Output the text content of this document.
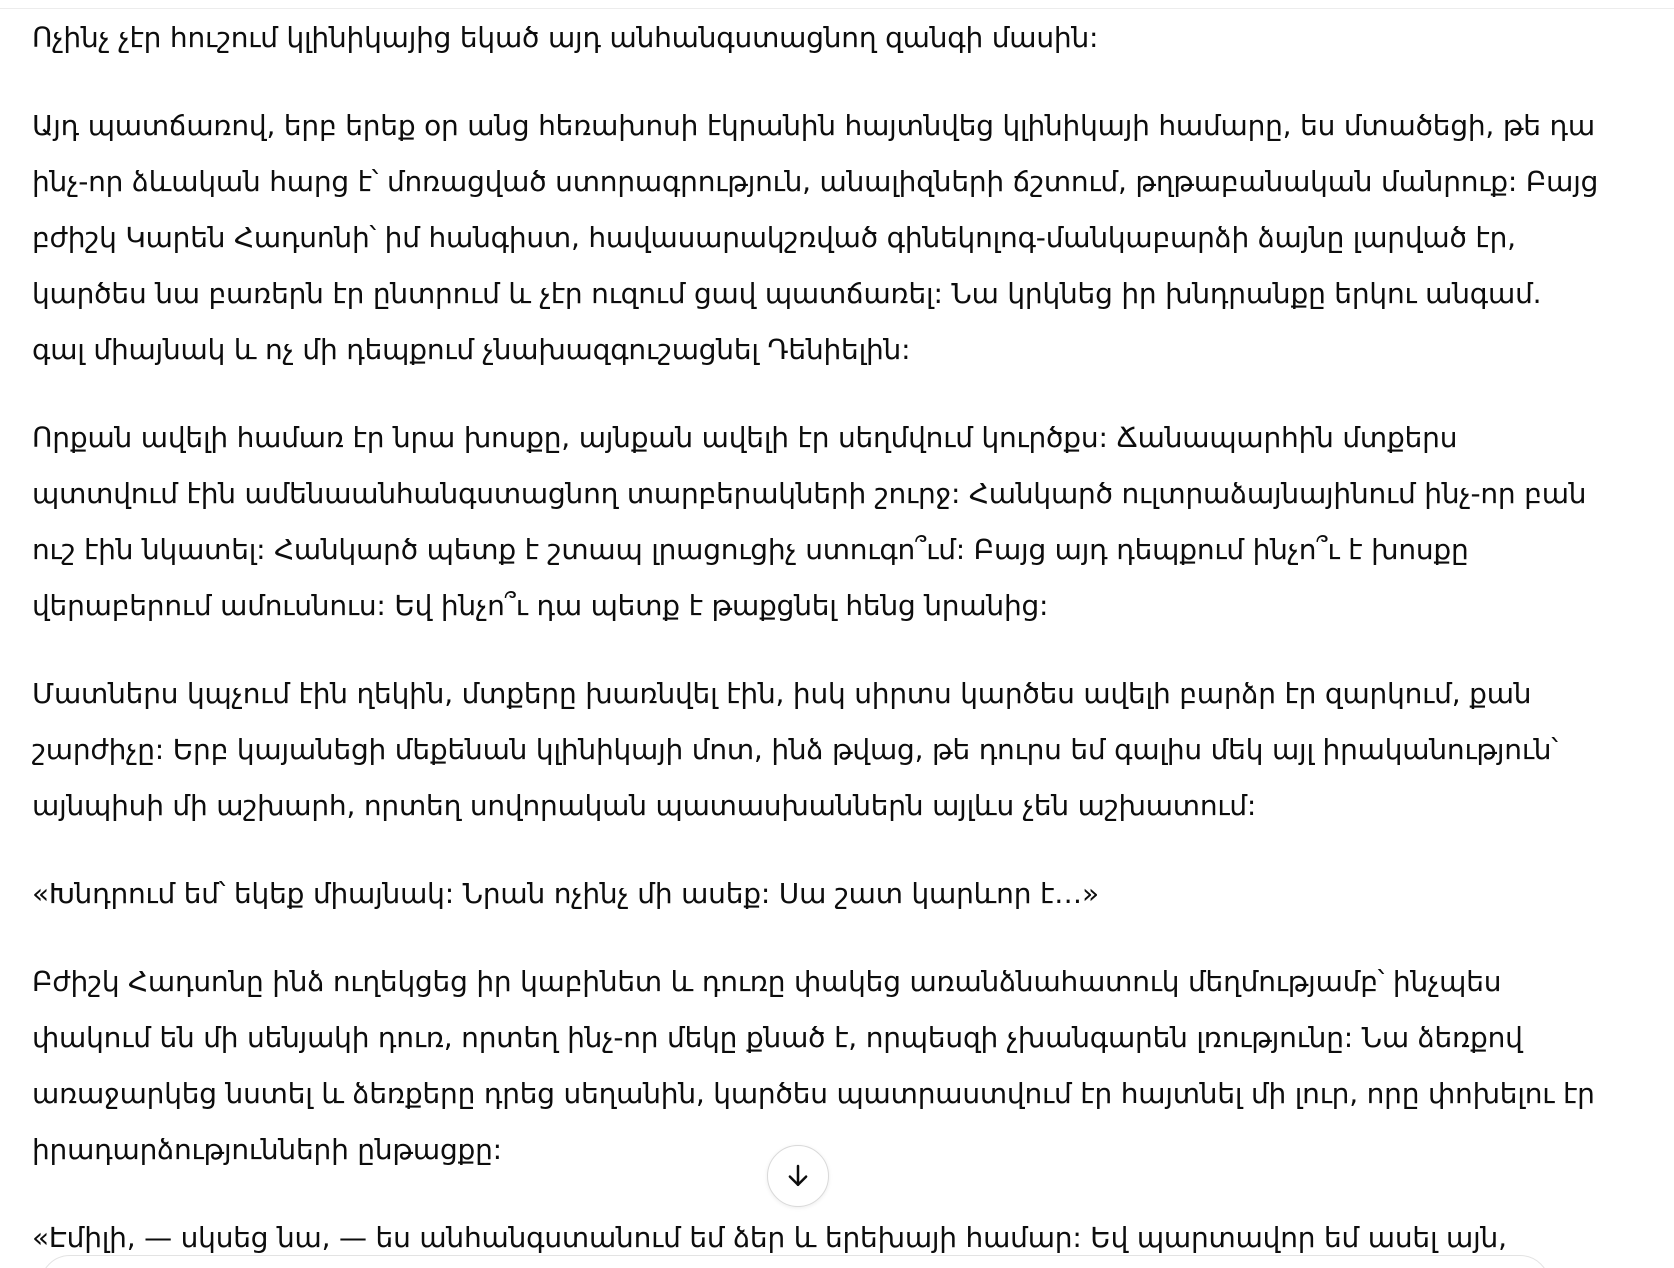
Ոչինչ չէր հուշում կլինիկայից եկած այդ անհանգստացնող զանգի մասին:

Այդ պատճառով, երբ երեք օր անց հեռախոսի էկրանին հայտնվեց կլինիկայի համարը, ես մտածեցի, թե դա ինչ-որ ձևական հարց է՝ մոռացված ստորագրություն, անալիզների ճշտում, թղթաբանական մանրուք: Բայց բժիշկ Կարեն Հադսոնի՝ իմ հանգիստ, հավասարակշռված գինեկոլոգ-մանկաբարձի ձայնը լարված էր, կարծես նա բառերն էր ընտրում և չէր ուզում ցավ պատճառել: Նա կրկնեց իր խնդրանքը երկու անգամ. գալ միայնակ և ոչ մի դեպքում չնախազգուշացնել Դենիելին:

Որքան ավելի համառ էր նրա խոսքը, այնքան ավելի էր սեղմվում կուրծքս: Ճանապարհին մտքերս պտտվում էին ամենաանհանգստացնող տարբերակների շուրջ: Հանկարծ ուլտրաձայնայինում ինչ-որ բան ուշ էին նկատել: Հանկարծ պետք է շտապ լրացուցիչ ստուգո՞ւմ: Բայց այդ դեպքում ինչո՞ւ է խոսքը վերաբերում ամուսնուս: Եվ ինչո՞ւ դա պետք է թաքցնել հենց նրանից:

Մատներս կպչում էին ղեկին, մտքերը խառնվել էին, իսկ սիրտս կարծես ավելի բարձր էր զարկում, քան շարժիչը: Երբ կայանեցի մեքենան կլինիկայի մոտ, ինձ թվաց, թե դուրս եմ գալիս մեկ այլ իրականություն՝ այնպիսի մի աշխարհ, որտեղ սովորական պատասխաններն այլևս չեն աշխատում:

«Խնդրում եմ՝ եկեք միայնակ: Նրան ոչինչ մի ասեք: Սա շատ կարևոր է…»

Բժիշկ Հադսոնը ինձ ուղեկցեց իր կաբինետ և դուռը փակեց առանձնահատուկ մեղմությամբ՝ ինչպես փակում են մի սենյակի դուռ, որտեղ ինչ-որ մեկը քնած է, որպեսզի չխանգարեն լռությունը: Նա ձեռքով առաջարկեց նստել և ձեռքերը դրեց սեղանին, կարծես պատրաստվում էր հայտնել մի լուր, որը փոխելու էր իրադարձությունների ընթացքը:

«Էմիլի, — սկսեց նա, — ես անհանգստանում եմ ձեր և երեխայի համար: Եվ պարտավոր եմ ասել այն,
